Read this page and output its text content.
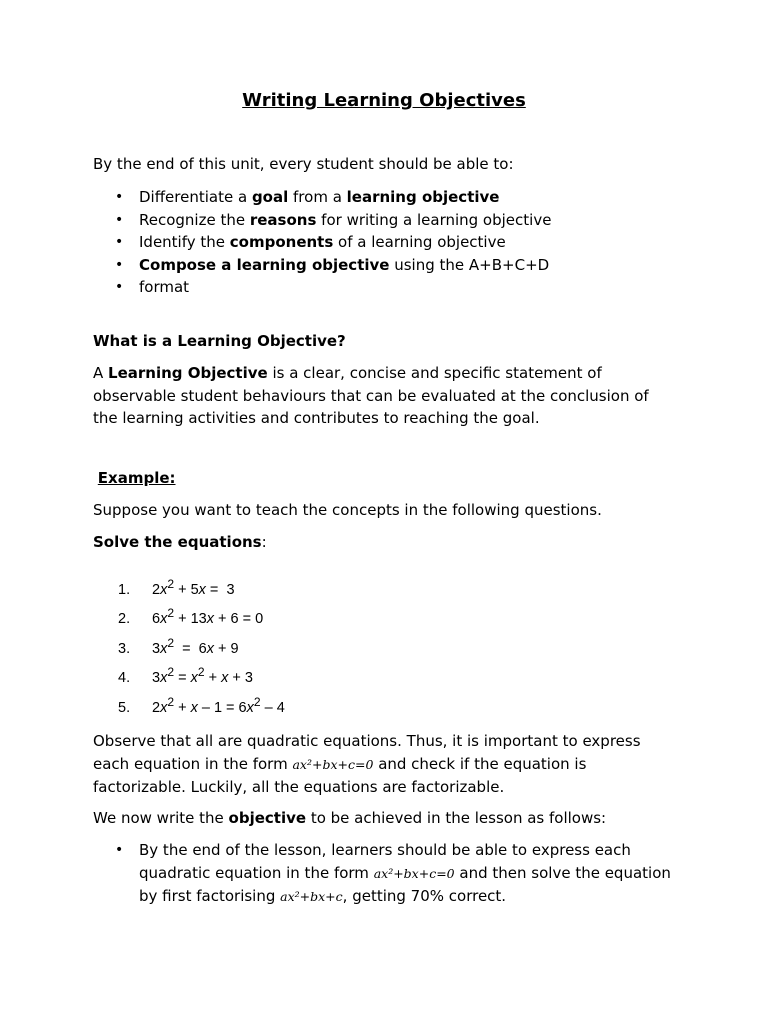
Writing Learning Objectives

By the end of this unit, every student should be able to:

• Differentiate a goal from a learning objective
• Recognize the reasons for writing a learning objective
• Identify the components of a learning objective
• Compose a learning objective using the A+B+C+D
• format

What is a Learning Objective?

A Learning Objective is a clear, concise and specific statement of observable student behaviours that can be evaluated at the conclusion of the learning activities and contributes to reaching the goal.

Example:

Suppose you want to teach the concepts in the following questions.

Solve the equations:

1. $2x^2 + 5x = 3$
2. $6x^2 + 13x + 6 = 0$
3. $3x^2 = 6x + 9$
4. $3x^2 = x^2 + x + 3$
5. $2x^2 + x - 1 = 6x^2 - 4$

Observe that all are quadratic equations. Thus, it is important to express each equation in the form ax²+bx+c=0 and check if the equation is factorizable. Luckily, all the equations are factorizable.

We now write the objective to be achieved in the lesson as follows:

• By the end of the lesson, learners should be able to express each quadratic equation in the form ax²+bx+c=0 and then solve the equation by first factorising ax²+bx+c, getting 70% correct.
